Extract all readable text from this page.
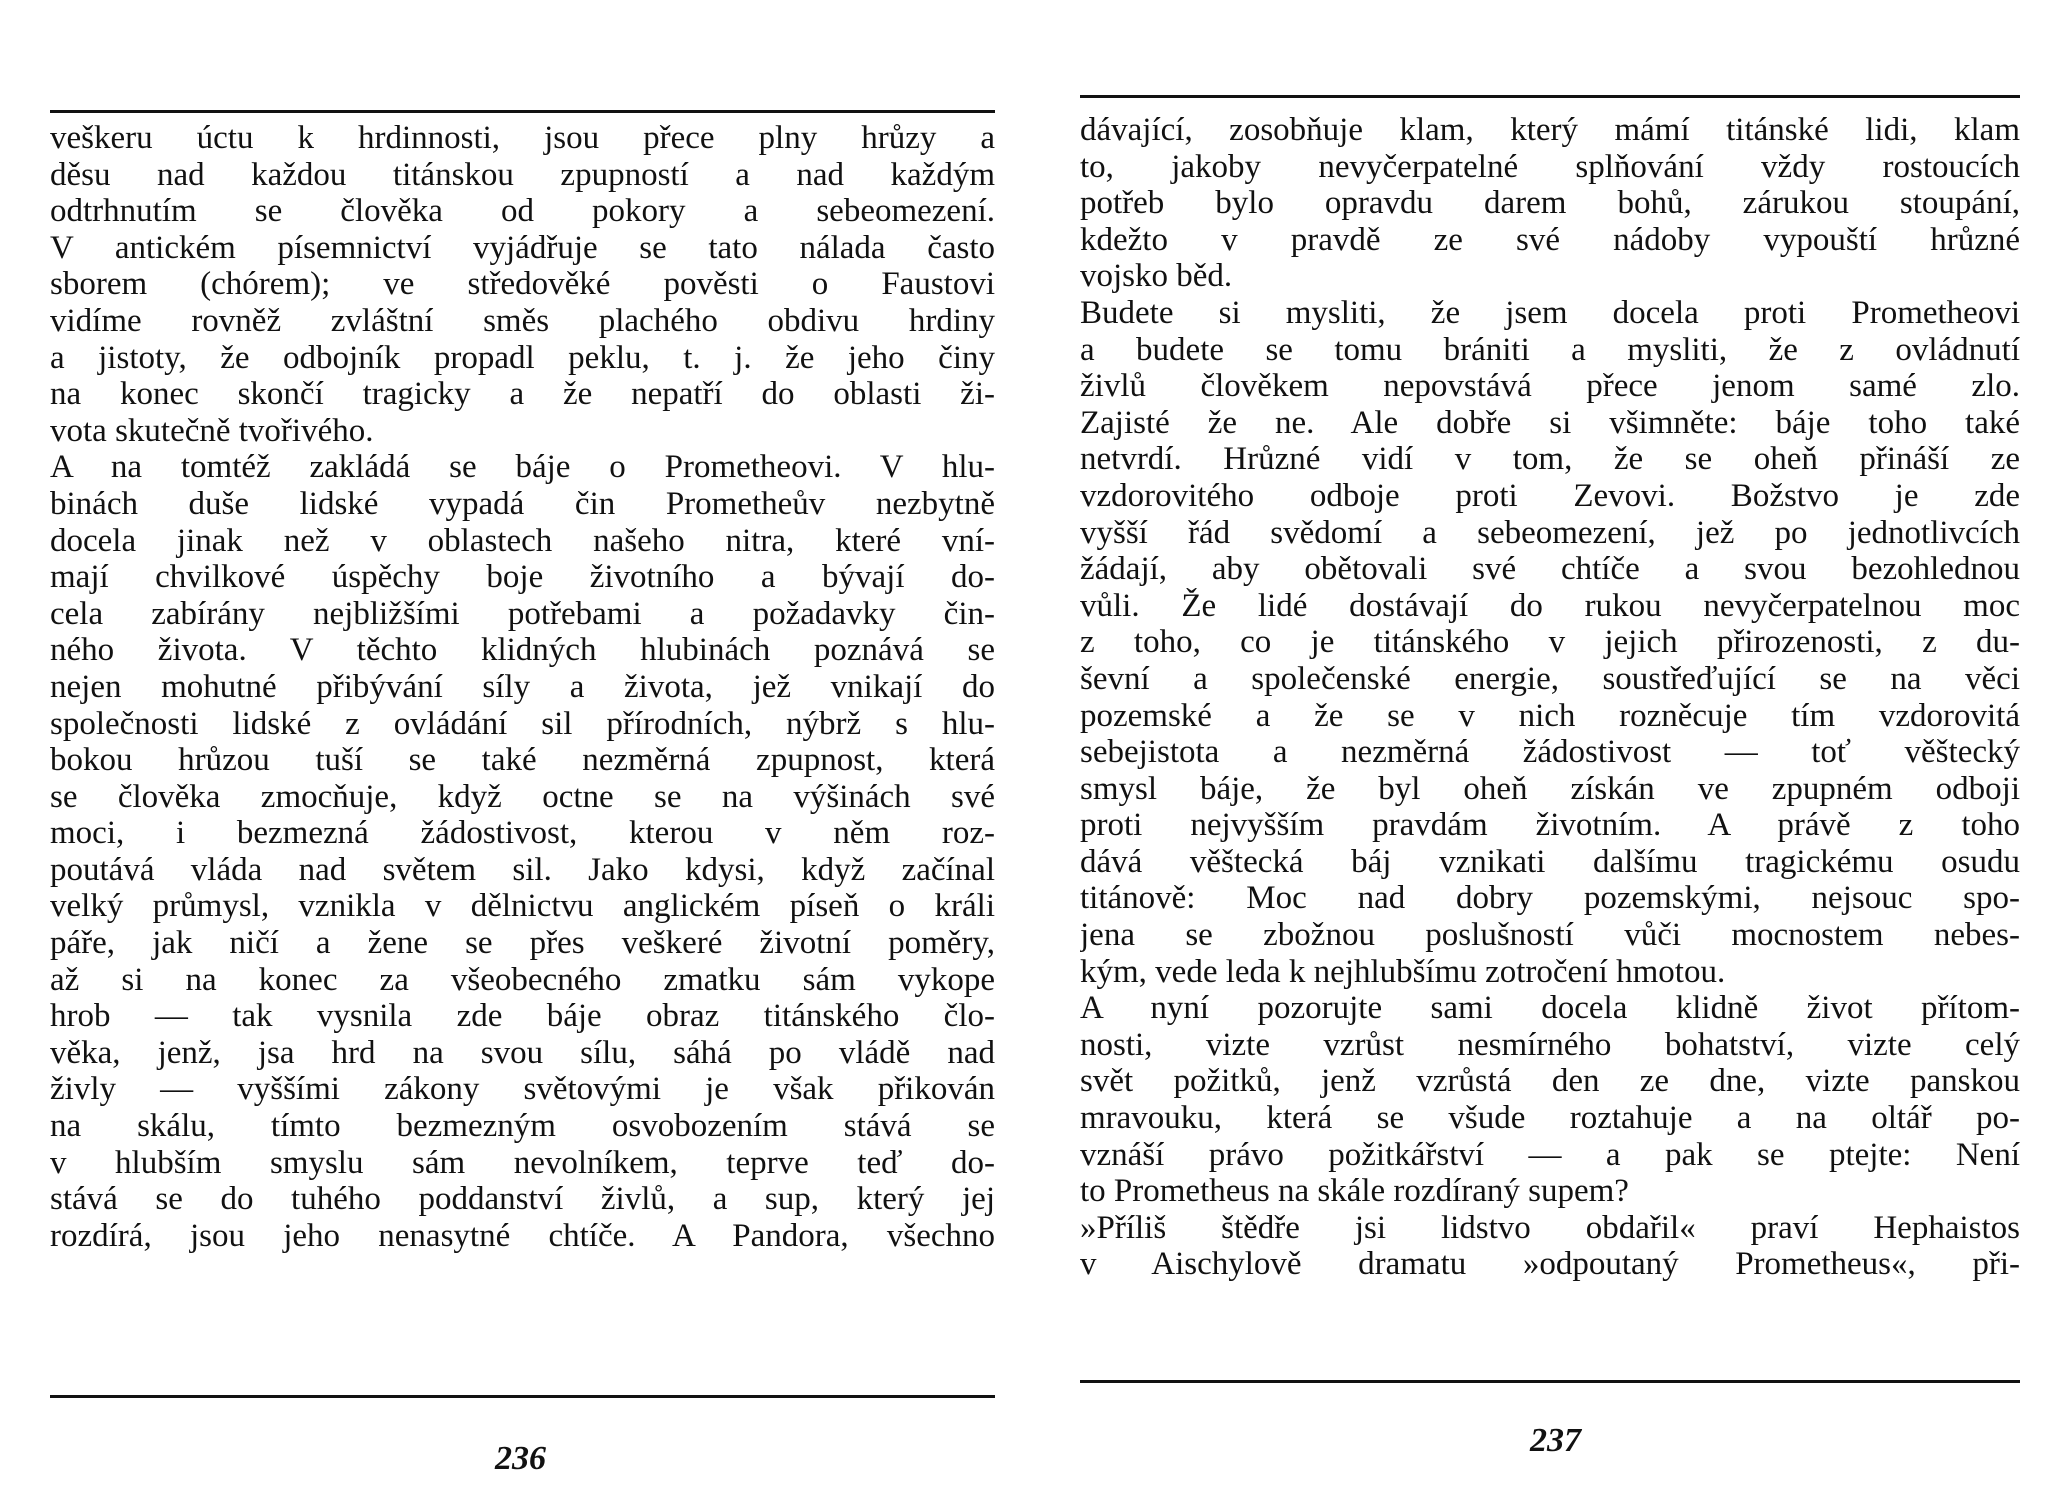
veškeru úctu k hrdinnosti, jsou přece plny hrůzy a
děsu nad každou titánskou zpupností a nad každým
odtrhnutím se člověka od pokory a sebeomezení.
V antickém písemnictví vyjádřuje se tato nálada často
sborem (chórem); ve středověké pověsti o Faustovi
vidíme rovněž zvláštní směs plachého obdivu hrdiny
a jistoty, že odbojník propadl peklu, t. j. že jeho činy
na konec skončí tragicky a že nepatří do oblasti ži-
vota skutečně tvořivého.
A na tomtéž zakládá se báje o Prometheovi. V hlu-
binách duše lidské vypadá čin Prometheův nezbytně
docela jinak než v oblastech našeho nitra, které vní-
mají chvilkové úspěchy boje životního a bývají do-
cela zabírány nejbližšími potřebami a požadavky čin-
ného života. V těchto klidných hlubinách poznává se
nejen mohutné přibývání síly a života, jež vnikají do
společnosti lidské z ovládání sil přírodních, nýbrž s hlu-
bokou hrůzou tuší se také nezměrná zpupnost, která
se člověka zmocňuje, když octne se na výšinách své
moci, i bezmezná žádostivost, kterou v něm roz-
poutává vláda nad světem sil. Jako kdysi, když začínal
velký průmysl, vznikla v dělnictvu anglickém píseň o králi
páře, jak ničí a žene se přes veškeré životní poměry,
až si na konec za všeobecného zmatku sám vykope
hrob — tak vysnila zde báje obraz titánského člo-
věka, jenž, jsa hrd na svou sílu, sáhá po vládě nad
živly — vyššími zákony světovými je však přikován
na skálu, tímto bezmezným osvobozením stává se
v hlubším smyslu sám nevolníkem, teprve teď do-
stává se do tuhého poddanství živlů, a sup, který jej
rozdírá, jsou jeho nenasytné chtíče. A Pandora, všechno
236
dávající, zosobňuje klam, který mámí titánské lidi, klam
to, jakoby nevyčerpatelné splňování vždy rostoucích
potřeb bylo opravdu darem bohů, zárukou stoupání,
kdežto v pravdě ze své nádoby vypouští hrůzné
vojsko běd.
Budete si mysliti, že jsem docela proti Prometheovi
a budete se tomu brániti a mysliti, že z ovládnutí
živlů člověkem nepovstává přece jenom samé zlo.
Zajisté že ne. Ale dobře si všimněte: báje toho také
netvrdí. Hrůzné vidí v tom, že se oheň přináší ze
vzdorovitého odboje proti Zevovi. Božstvo je zde
vyšší řád svědomí a sebeomezení, jež po jednotlivcích
žádají, aby obětovali své chtíče a svou bezohlednou
vůli. Že lidé dostávají do rukou nevyčerpatelnou moc
z toho, co je titánského v jejich přirozenosti, z du-
ševní a společenské energie, soustřeďující se na věci
pozemské a že se v nich rozněcuje tím vzdorovitá
sebejistota a nezměrná žádostivost — toť věštecký
smysl báje, že byl oheň získán ve zpupném odboji
proti nejvyšším pravdám životním. A právě z toho
dává věštecká báj vznikati dalšímu tragickému osudu
titánově: Moc nad dobry pozemskými, nejsouc spo-
jena se zbožnou poslušností vůči mocnostem nebes-
kým, vede leda k nejhlubšímu zotročení hmotou.
A nyní pozorujte sami docela klidně život přítom-
nosti, vizte vzrůst nesmírného bohatství, vizte celý
svět požitků, jenž vzrůstá den ze dne, vizte panskou
mravouku, která se všude roztahuje a na oltář po-
vznáší právo požitkářství — a pak se ptejte: Není
to Prometheus na skále rozdíraný supem?
»Příliš štědře jsi lidstvo obdařil« praví Hephaistos
v Aischylově dramatu »odpoutaný Prometheus«, při-
237
